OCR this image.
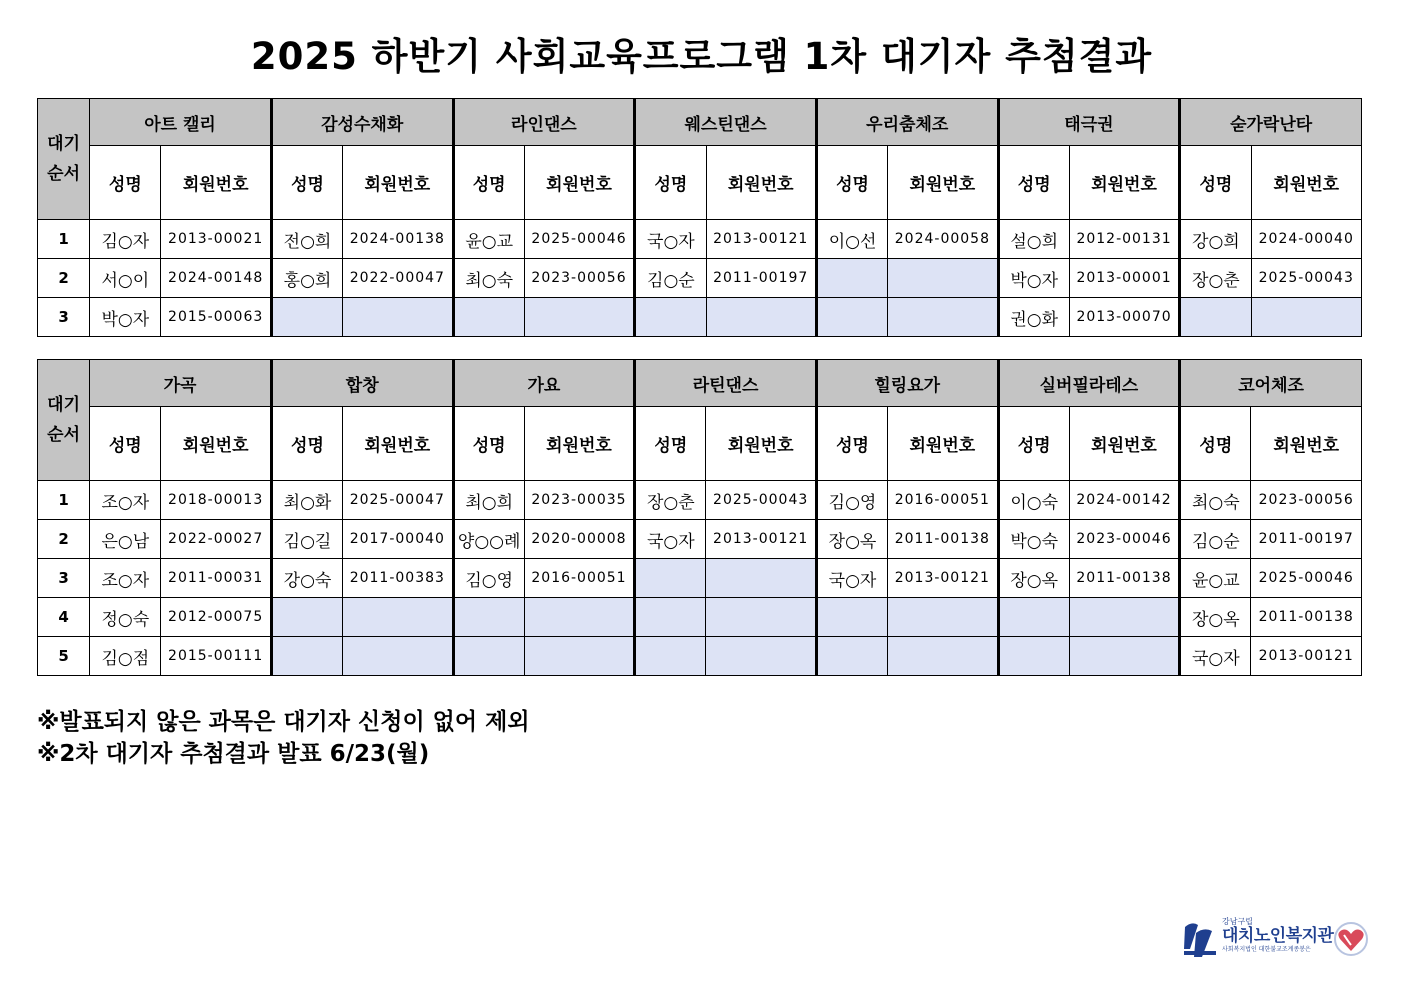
2025 하반기 사회교육프로그램 1차 대기자 추첨결과
대기
순서	아트 캘리		감성수채화		라인댄스		웨스틴댄스		우리춤체조		태극권		숟가락난타	
	성명	회원번호	성명	회원번호	성명	회원번호	성명	회원번호	성명	회원번호	성명	회원번호	성명	회원번호
1	김○자	2013-00021	전○희	2024-00138	윤○교	2025-00046	국○자	2013-00121	이○선	2024-00058	설○희	2012-00131	강○희	2024-00040
2	서○이	2024-00148	홍○희	2022-00047	최○숙	2023-00056	김○순	2011-00197			박○자	2013-00001	장○춘	2025-00043
3	박○자	2015-00063									권○화	2013-00070		
대기
순서	가곡		합창		가요		라틴댄스		힐링요가		실버필라테스		코어체조	
	성명	회원번호	성명	회원번호	성명	회원번호	성명	회원번호	성명	회원번호	성명	회원번호	성명	회원번호
1	조○자	2018-00013	최○화	2025-00047	최○희	2023-00035	장○춘	2025-00043	김○영	2016-00051	이○숙	2024-00142	최○숙	2023-00056
2	은○남	2022-00027	김○길	2017-00040	양○○례	2020-00008	국○자	2013-00121	장○옥	2011-00138	박○숙	2023-00046	김○순	2011-00197
3	조○자	2011-00031	강○숙	2011-00383	김○영	2016-00051			국○자	2013-00121	장○옥	2011-00138	윤○교	2025-00046
4	정○숙	2012-00075											장○옥	2011-00138
5	김○점	2015-00111											국○자	2013-00121
※발표되지 않은 과목은 대기자 신청이 없어 제외
※2차 대기자 추첨결과 발표 6/23(월)
강남구립
대치노인복지관
사회복지법인 대한불교조계종봉은
